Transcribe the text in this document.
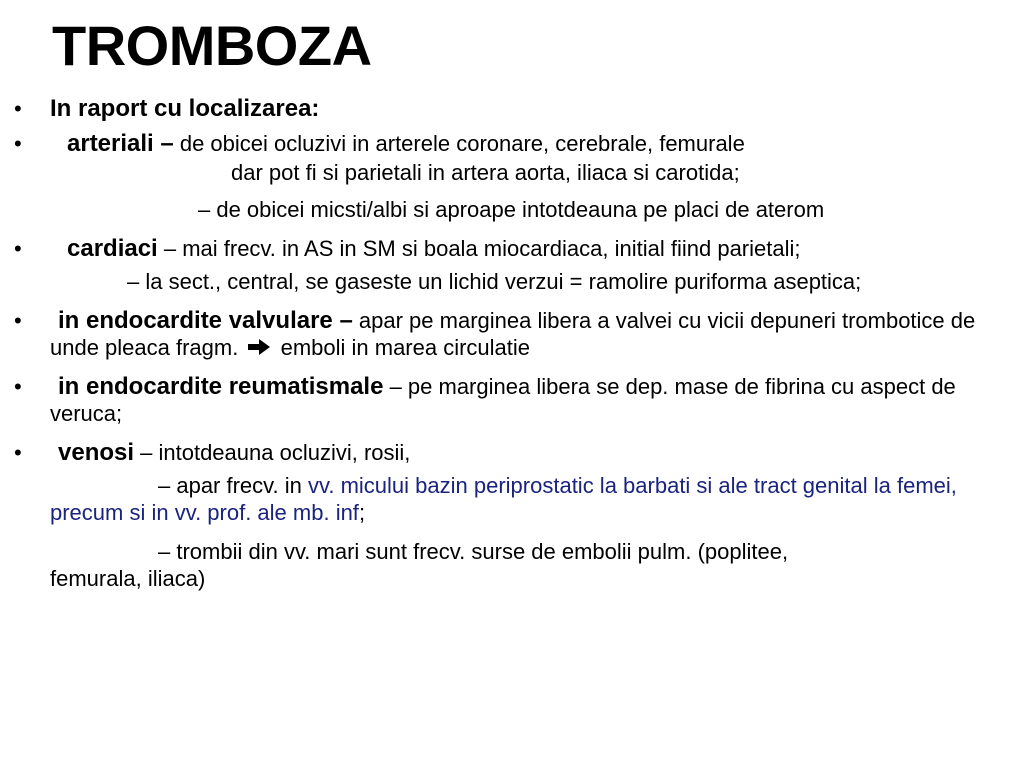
TROMBOZA
• In raport cu localizarea:
• arteriali – de obicei ocluzivi in arterele coronare, cerebrale, femurale
dar pot fi si parietali in artera aorta, iliaca si carotida;
– de obicei micsti/albi si aproape intotdeauna pe placi de aterom
• cardiaci – mai frecv. in AS in SM si boala miocardiaca, initial fiind parietali;
– la sect., central, se gaseste un lichid verzui = ramolire puriforma aseptica;
• in endocardite valvulare – apar pe marginea libera a valvei cu vicii depuneri trombotice de unde pleaca fragm.  emboli in marea circulatie
• in endocardite reumatismale – pe marginea libera se dep. mase de fibrina cu aspect de veruca;
• venosi – intotdeauna ocluzivi, rosii,
– apar frecv. in vv. micului bazin periprostatic la barbati si ale tract genital la femei, precum si in vv. prof. ale mb. inf;
– trombii din vv. mari sunt frecv. surse de embolii pulm. (poplitee, femurala, iliaca)
